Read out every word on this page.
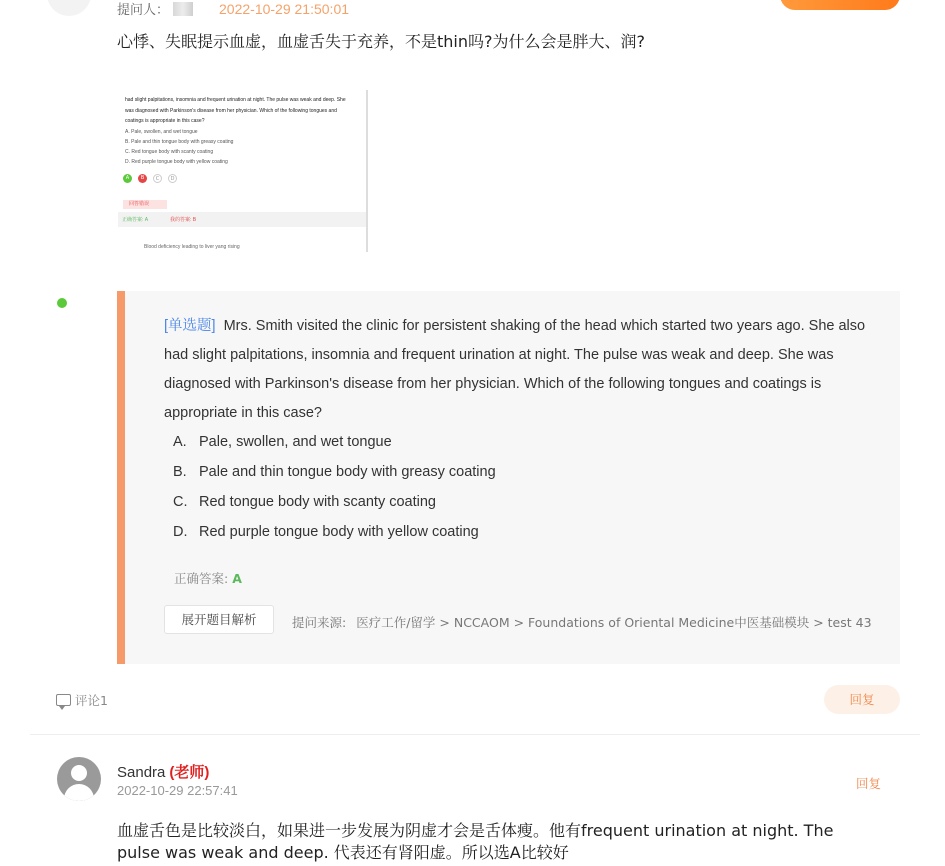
提问人：	2022-10-29 21:50:01
心悸、失眠提示血虚，血虚舌失于充养，不是thin吗?为什么会是胖大、润?
had slight palpitations, insomnia and frequent urination at night. The pulse was weak and deep. She
was diagnosed with Parkinson's disease from her physician. Which of the following tongues and
coatings is appropriate in this case?
A. Pale, swollen, and wet tongue
B. Pale and thin tongue body with greasy coating
C. Red tongue body with scanty coating
D. Red purple tongue body with yellow coating
A	B	C	D
回答错误
正确答案: A	我的答案: B
Blood deficiency leading to liver yang rising
[单选题] Mrs. Smith visited the clinic for persistent shaking of the head which started two years ago. She also had slight palpitations, insomnia and frequent urination at night. The pulse was weak and deep. She was diagnosed with Parkinson's disease from her physician. Which of the following tongues and coatings is appropriate in this case?
A. Pale, swollen, and wet tongue
B. Pale and thin tongue body with greasy coating
C. Red tongue body with scanty coating
D. Red purple tongue body with yellow coating
正确答案: A
展开题目解析	提问来源: 医疗工作/留学 > NCCAOM > Foundations of Oriental Medicine中医基础模块 > test 43
评论1	回复
Sandra (老师)
2022-10-29 22:57:41	回复
血虚舌色是比较淡白，如果进一步发展为阴虚才会是舌体瘦。他有frequent urination at night. The pulse was weak and deep. 代表还有肾阳虚。所以选A比较好
